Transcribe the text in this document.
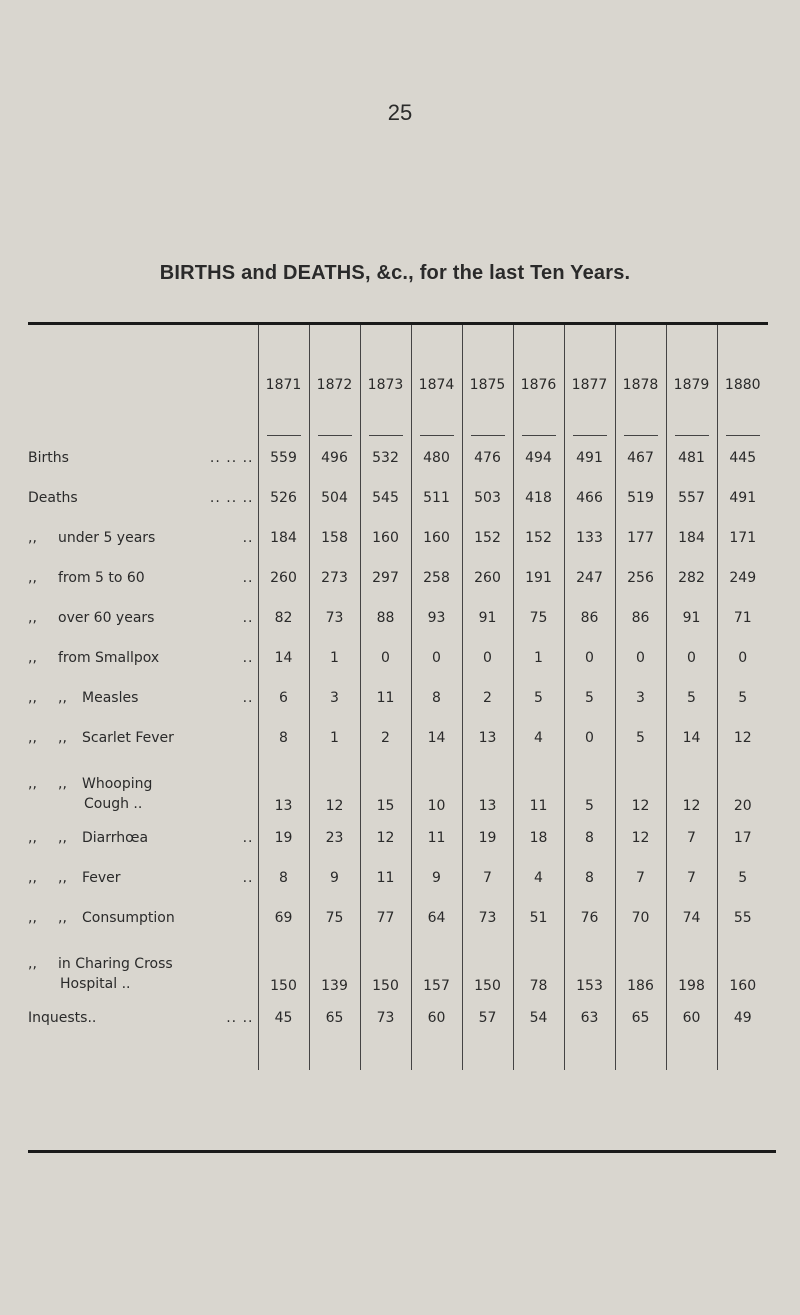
25
BIRTHS and DEATHS, &c., for the last Ten Years.
	1871	1872	1873	1874	1875	1876	1877	1878	1879	1880

Births .. .. ..	559	496	532	480	476	494	491	467	481	445

Deaths .. .. ..	526	504	545	511	503	418	466	519	557	491

,, under 5 years ..	184	158	160	160	152	152	133	177	184	171

,, from 5 to 60 ..	260	273	297	258	260	191	247	256	282	249

,, over 60 years ..	82	73	88	93	91	75	86	86	91	71

,, from Smallpox ..	14	1	0	0	0	1	0	0	0	0

,, ,, Measles ..	6	3	11	8	2	5	5	3	5	5

,, ,, Scarlet Fever	8	1	2	14	13	4	0	5	14	12

,, ,, Whooping
Cough ..	13	12	15	10	13	11	5	12	12	20

,, ,, Diarrhœa ..	19	23	12	11	19	18	8	12	7	17

,, ,, Fever ..	8	9	11	9	7	4	8	7	7	5

,, ,, Consumption	69	75	77	64	73	51	76	70	74	55

,, in Charing Cross
Hospital ..	150	139	150	157	150	78	153	186	198	160

Inquests.. .. ..	45	65	73	60	57	54	63	65	60	49
